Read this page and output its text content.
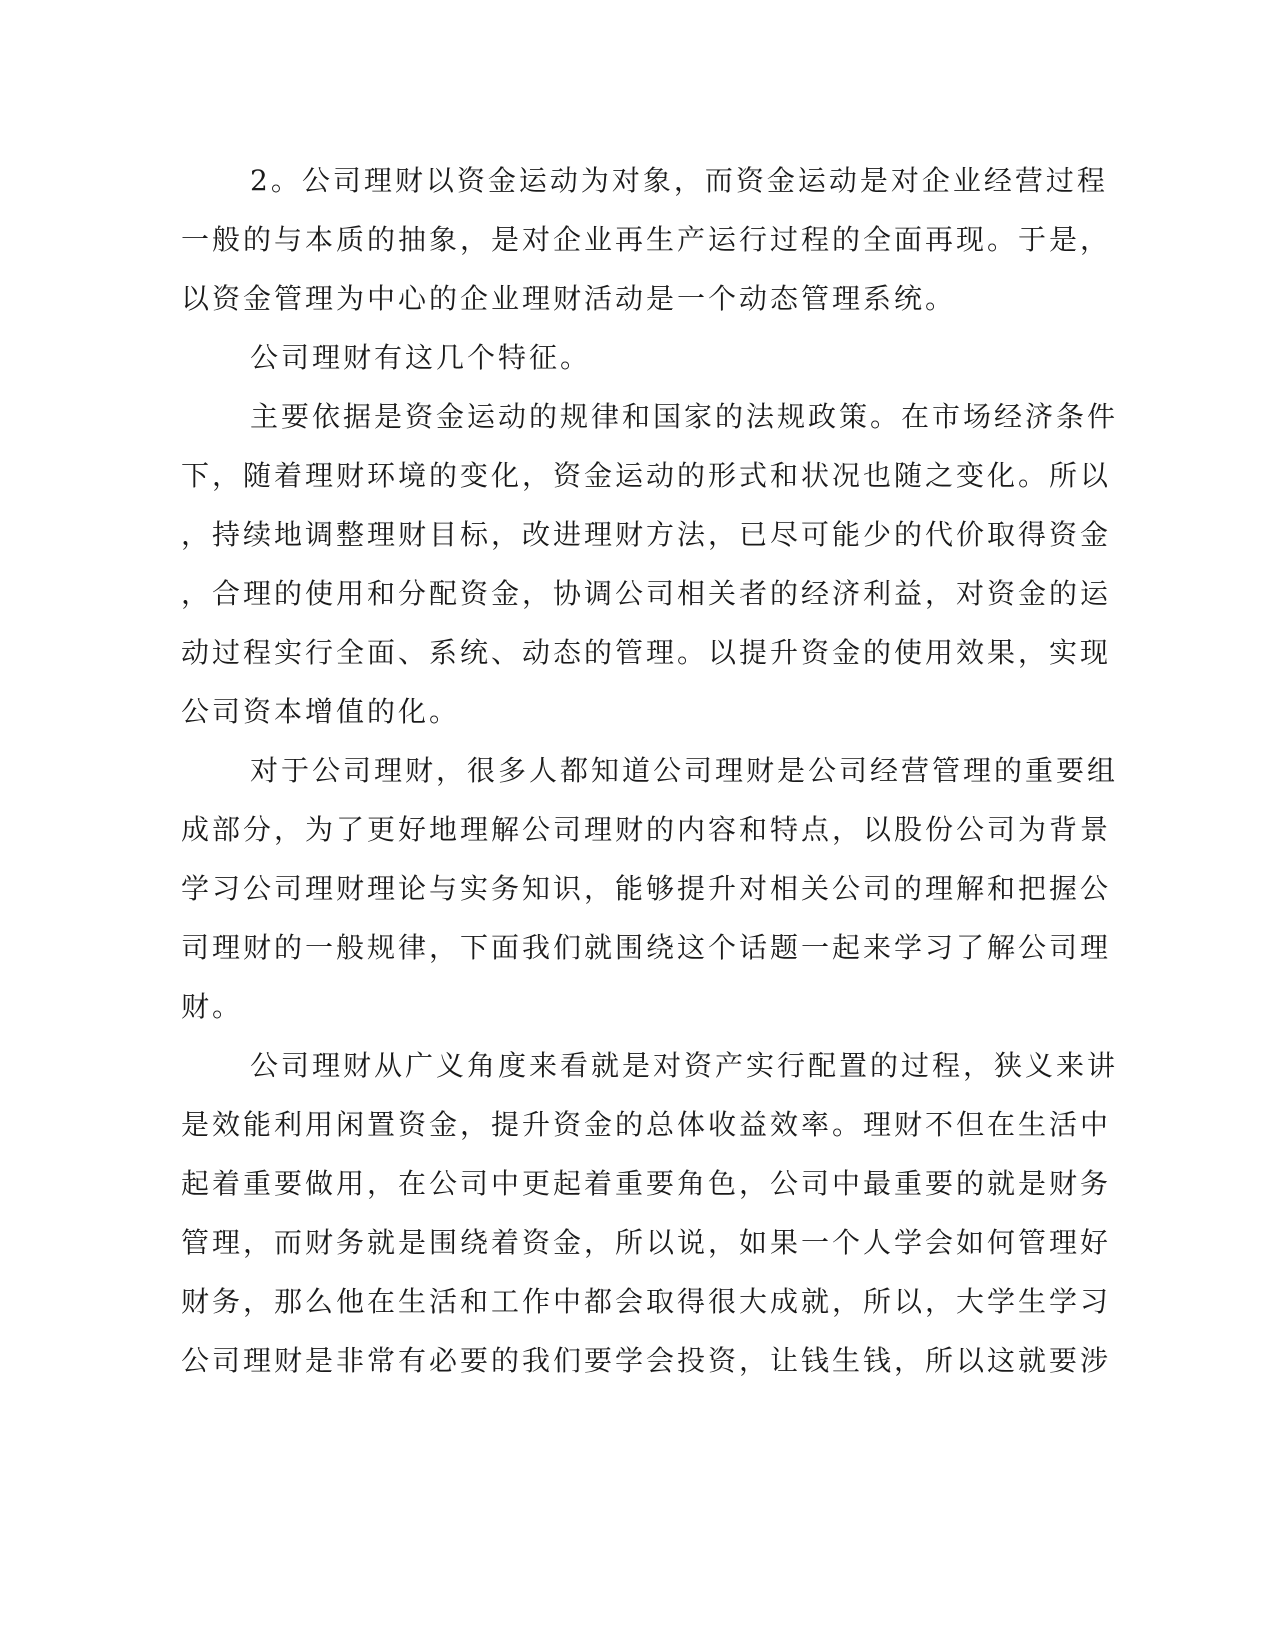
2。公司理财以资金运动为对象，而资金运动是对企业经营过程
一般的与本质的抽象，是对企业再生产运行过程的全面再现。于是，
以资金管理为中心的企业理财活动是一个动态管理系统。
公司理财有这几个特征。
主要依据是资金运动的规律和国家的法规政策。在市场经济条件
下，随着理财环境的变化，资金运动的形式和状况也随之变化。所以
，持续地调整理财目标，改进理财方法，已尽可能少的代价取得资金
，合理的使用和分配资金，协调公司相关者的经济利益，对资金的运
动过程实行全面、系统、动态的管理。以提升资金的使用效果，实现
公司资本增值的化。
对于公司理财，很多人都知道公司理财是公司经营管理的重要组
成部分，为了更好地理解公司理财的内容和特点，以股份公司为背景
学习公司理财理论与实务知识，能够提升对相关公司的理解和把握公
司理财的一般规律，下面我们就围绕这个话题一起来学习了解公司理
财。
公司理财从广义角度来看就是对资产实行配置的过程，狭义来讲
是效能利用闲置资金，提升资金的总体收益效率。理财不但在生活中
起着重要做用，在公司中更起着重要角色，公司中最重要的就是财务
管理，而财务就是围绕着资金，所以说，如果一个人学会如何管理好
财务，那么他在生活和工作中都会取得很大成就，所以，大学生学习
公司理财是非常有必要的我们要学会投资，让钱生钱，所以这就要涉
